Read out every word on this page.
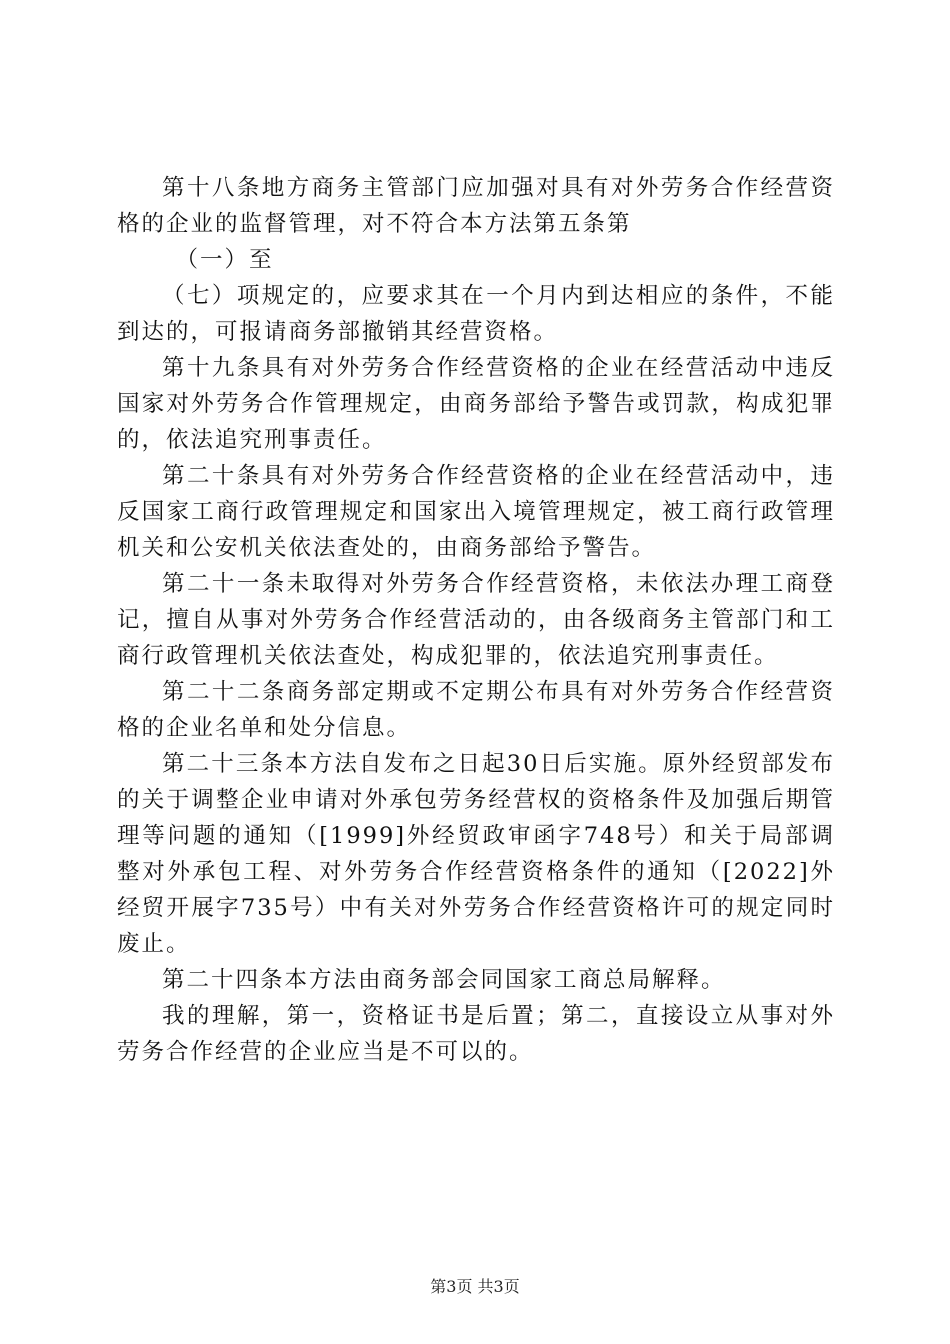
第十八条地方商务主管部门应加强对具有对外劳务合作经营资格的企业的监督管理，对不符合本方法第五条第

（一）至

（七）项规定的，应要求其在一个月内到达相应的条件，不能到达的，可报请商务部撤销其经营资格。

第十九条具有对外劳务合作经营资格的企业在经营活动中违反国家对外劳务合作管理规定，由商务部给予警告或罚款，构成犯罪的，依法追究刑事责任。

第二十条具有对外劳务合作经营资格的企业在经营活动中，违反国家工商行政管理规定和国家出入境管理规定，被工商行政管理机关和公安机关依法查处的，由商务部给予警告。

第二十一条未取得对外劳务合作经营资格，未依法办理工商登记，擅自从事对外劳务合作经营活动的，由各级商务主管部门和工商行政管理机关依法查处，构成犯罪的，依法追究刑事责任。

第二十二条商务部定期或不定期公布具有对外劳务合作经营资格的企业名单和处分信息。

第二十三条本方法自发布之日起30日后实施。原外经贸部发布的关于调整企业申请对外承包劳务经营权的资格条件及加强后期管理等问题的通知（[1999]外经贸政审函字748号）和关于局部调整对外承包工程、对外劳务合作经营资格条件的通知（[2022]外经贸开展字735号）中有关对外劳务合作经营资格许可的规定同时废止。

第二十四条本方法由商务部会同国家工商总局解释。

我的理解，第一，资格证书是后置；第二，直接设立从事对外劳务合作经营的企业应当是不可以的。

第3页 共3页
